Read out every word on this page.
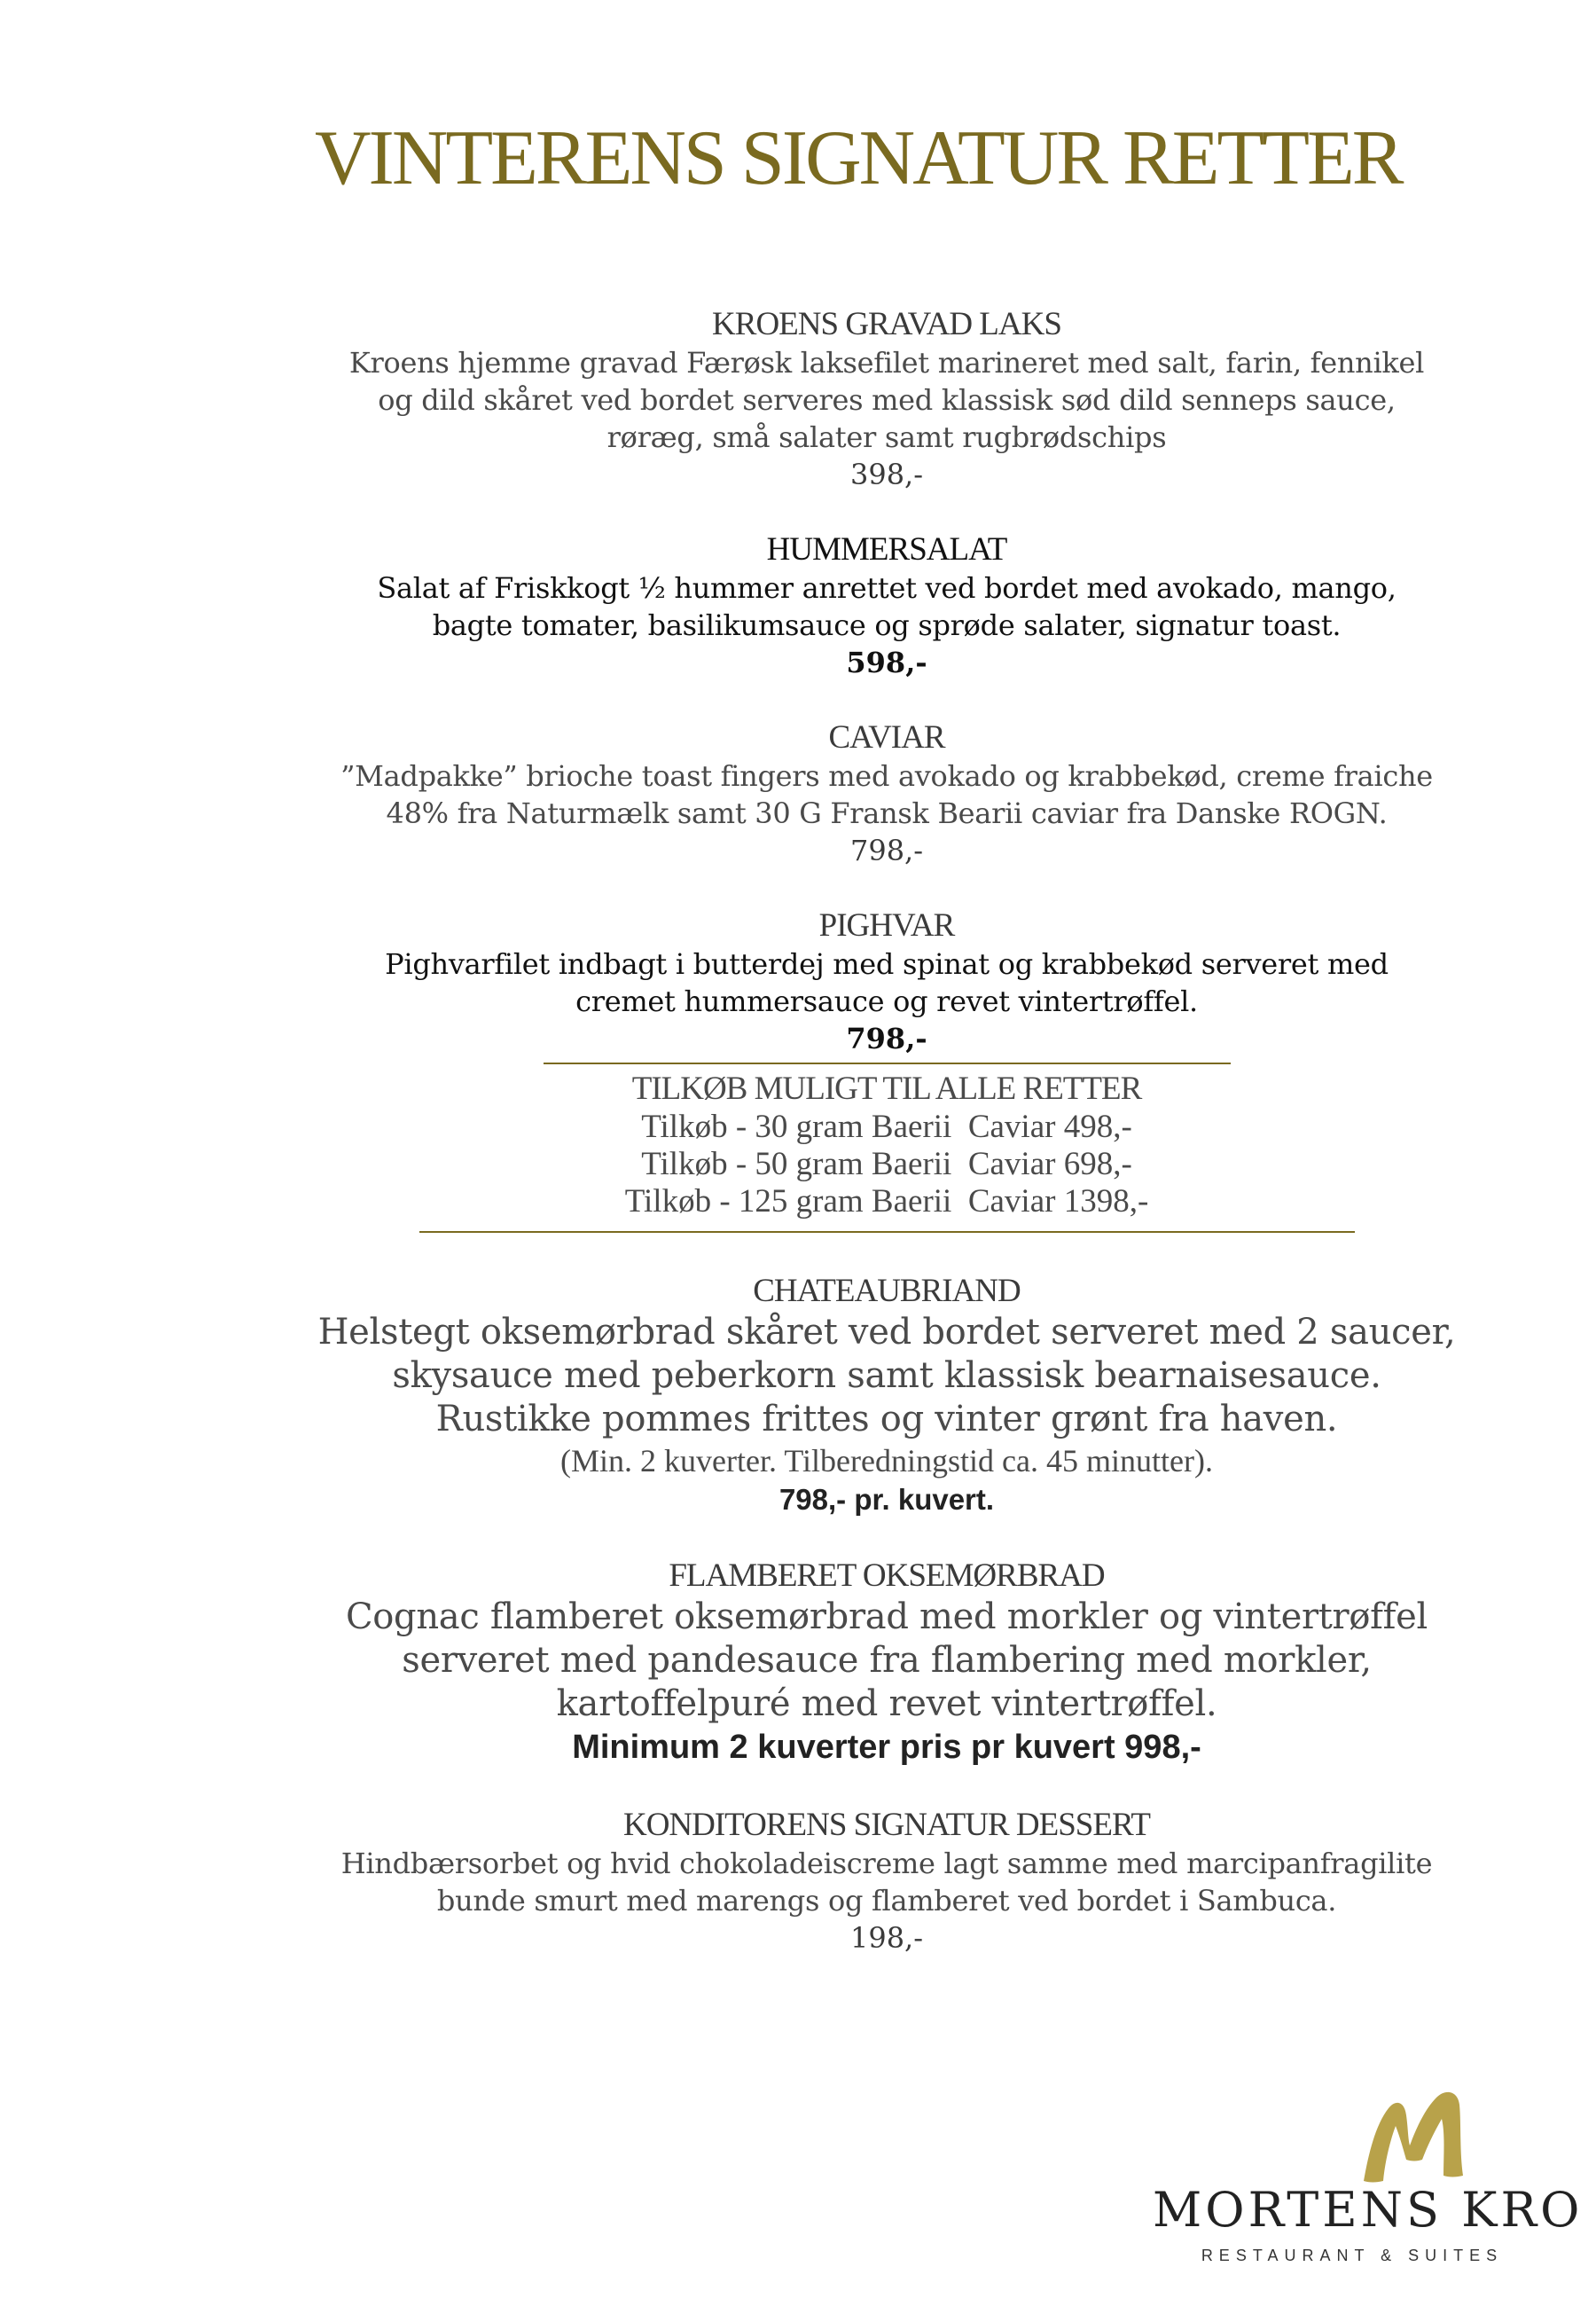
VINTERENS SIGNATUR RETTER
KROENS GRAVAD LAKS
Kroens hjemme gravad Færøsk laksefilet marineret med salt, farin, fennikel
og dild skåret ved bordet serveres med klassisk sød dild senneps sauce,
røræg, små salater samt rugbrødschips
398,-
HUMMERSALAT
Salat af Friskkogt ½ hummer anrettet ved bordet med avokado, mango,
bagte tomater, basilikumsauce og sprøde salater, signatur toast.
598,-
CAVIAR
”Madpakke” brioche toast fingers med avokado og krabbekød, creme fraiche
48% fra Naturmælk samt 30 G Fransk Bearii caviar fra Danske ROGN.
798,-
PIGHVAR
Pighvarfilet indbagt i butterdej med spinat og krabbekød serveret med
cremet hummersauce og revet vintertrøffel.
798,-
TILKØB MULIGT TIL ALLE RETTER
Tilkøb - 30 gram Baerii  Caviar 498,-
Tilkøb - 50 gram Baerii  Caviar 698,-
Tilkøb - 125 gram Baerii  Caviar 1398,-
CHATEAUBRIAND
Helstegt oksemørbrad skåret ved bordet serveret med 2 saucer,
skysauce med peberkorn samt klassisk bearnaisesauce.
Rustikke pommes frittes og vinter grønt fra haven.
(Min. 2 kuverter. Tilberedningstid ca. 45 minutter).
798,- pr. kuvert.
FLAMBERET OKSEMØRBRAD
Cognac flamberet oksemørbrad med morkler og vintertrøffel
serveret med pandesauce fra flambering med morkler,
kartoffelpuré med revet vintertrøffel.
Minimum 2 kuverter pris pr kuvert 998,-
KONDITORENS SIGNATUR DESSERT
Hindbærsorbet og hvid chokoladeiscreme lagt samme med marcipanfragilite
bunde smurt med marengs og flamberet ved bordet i Sambuca.
198,-
MORTENS KRO
RESTAURANT & SUITES
